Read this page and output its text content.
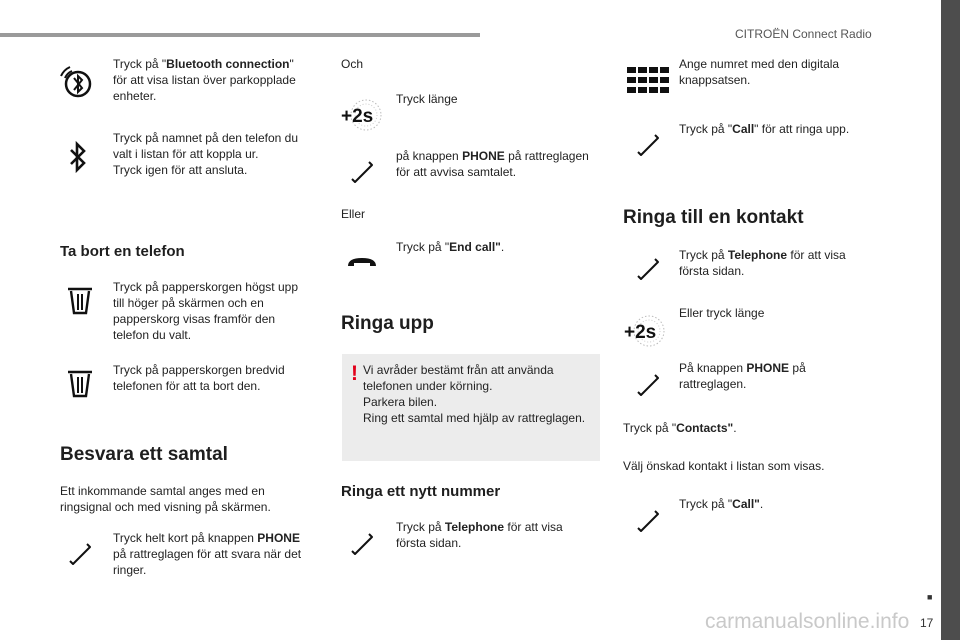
CITROËN Connect Radio
■
17
carmanualsonline.info
Tryck på "Bluetooth connection" för att visa listan över parkopplade enheter.
Tryck på namnet på den telefon du valt i listan för att koppla ur.
Tryck igen för att ansluta.
Ta bort en telefon
Tryck på papperskorgen högst upp till höger på skärmen och en papperskorg visas framför den telefon du valt.
Tryck på papperskorgen bredvid telefonen för att ta bort den.
Besvara ett samtal
Ett inkommande samtal anges med en ringsignal och med visning på skärmen.
Tryck helt kort på knappen PHONE på rattreglagen för att svara när det ringer.
Och
+2s
Tryck länge
på knappen PHONE på rattreglagen för att avvisa samtalet.
Eller
Tryck på "End call".
Ringa upp
! Vi avråder bestämt från att använda telefonen under körning.
Parkera bilen.
Ring ett samtal med hjälp av rattreglagen.
Ringa ett nytt nummer
Tryck på Telephone för att visa första sidan.
Ange numret med den digitala knappsatsen.
Tryck på "Call" för att ringa upp.
Ringa till en kontakt
Tryck på Telephone för att visa första sidan.
+2s
Eller tryck länge
På knappen PHONE på rattreglagen.
Tryck på "Contacts".
Välj önskad kontakt i listan som visas.
Tryck på "Call".
